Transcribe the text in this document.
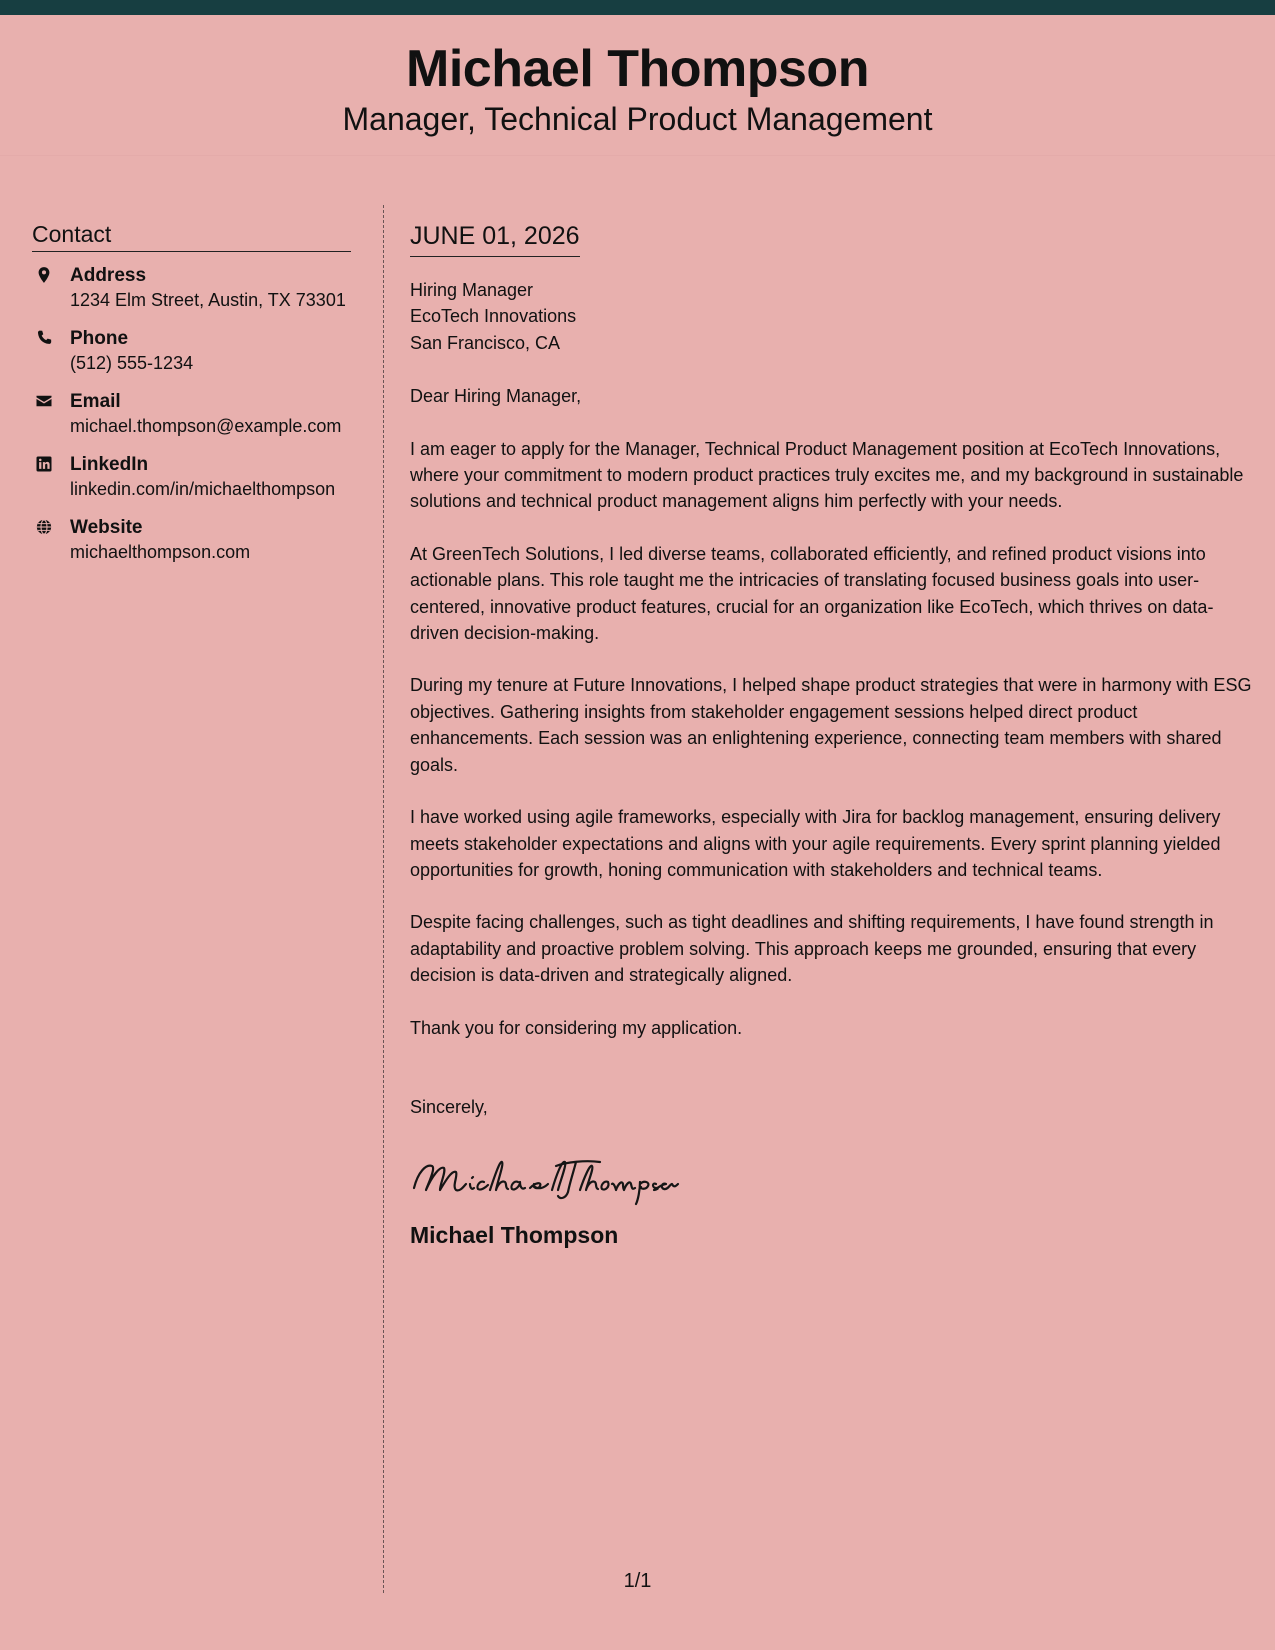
Michael Thompson
Manager, Technical Product Management
Contact
Address
1234 Elm Street, Austin, TX 73301
Phone
(512) 555-1234
Email
michael.thompson@example.com
LinkedIn
linkedin.com/in/michaelthompson
Website
michaelthompson.com
JUNE 01, 2026
Hiring Manager
EcoTech Innovations
San Francisco, CA
Dear Hiring Manager,
I am eager to apply for the Manager, Technical Product Management position at EcoTech Innovations, where your commitment to modern product practices truly excites me, and my background in sustainable solutions and technical product management aligns him perfectly with your needs.
At GreenTech Solutions, I led diverse teams, collaborated efficiently, and refined product visions into actionable plans. This role taught me the intricacies of translating focused business goals into user-centered, innovative product features, crucial for an organization like EcoTech, which thrives on data-driven decision-making.
During my tenure at Future Innovations, I helped shape product strategies that were in harmony with ESG objectives. Gathering insights from stakeholder engagement sessions helped direct product enhancements. Each session was an enlightening experience, connecting team members with shared goals.
I have worked using agile frameworks, especially with Jira for backlog management, ensuring delivery meets stakeholder expectations and aligns with your agile requirements. Every sprint planning yielded opportunities for growth, honing communication with stakeholders and technical teams.
Despite facing challenges, such as tight deadlines and shifting requirements, I have found strength in adaptability and proactive problem solving. This approach keeps me grounded, ensuring that every decision is data-driven and strategically aligned.
Thank you for considering my application.
Sincerely,
Michael Thompson
1/1
